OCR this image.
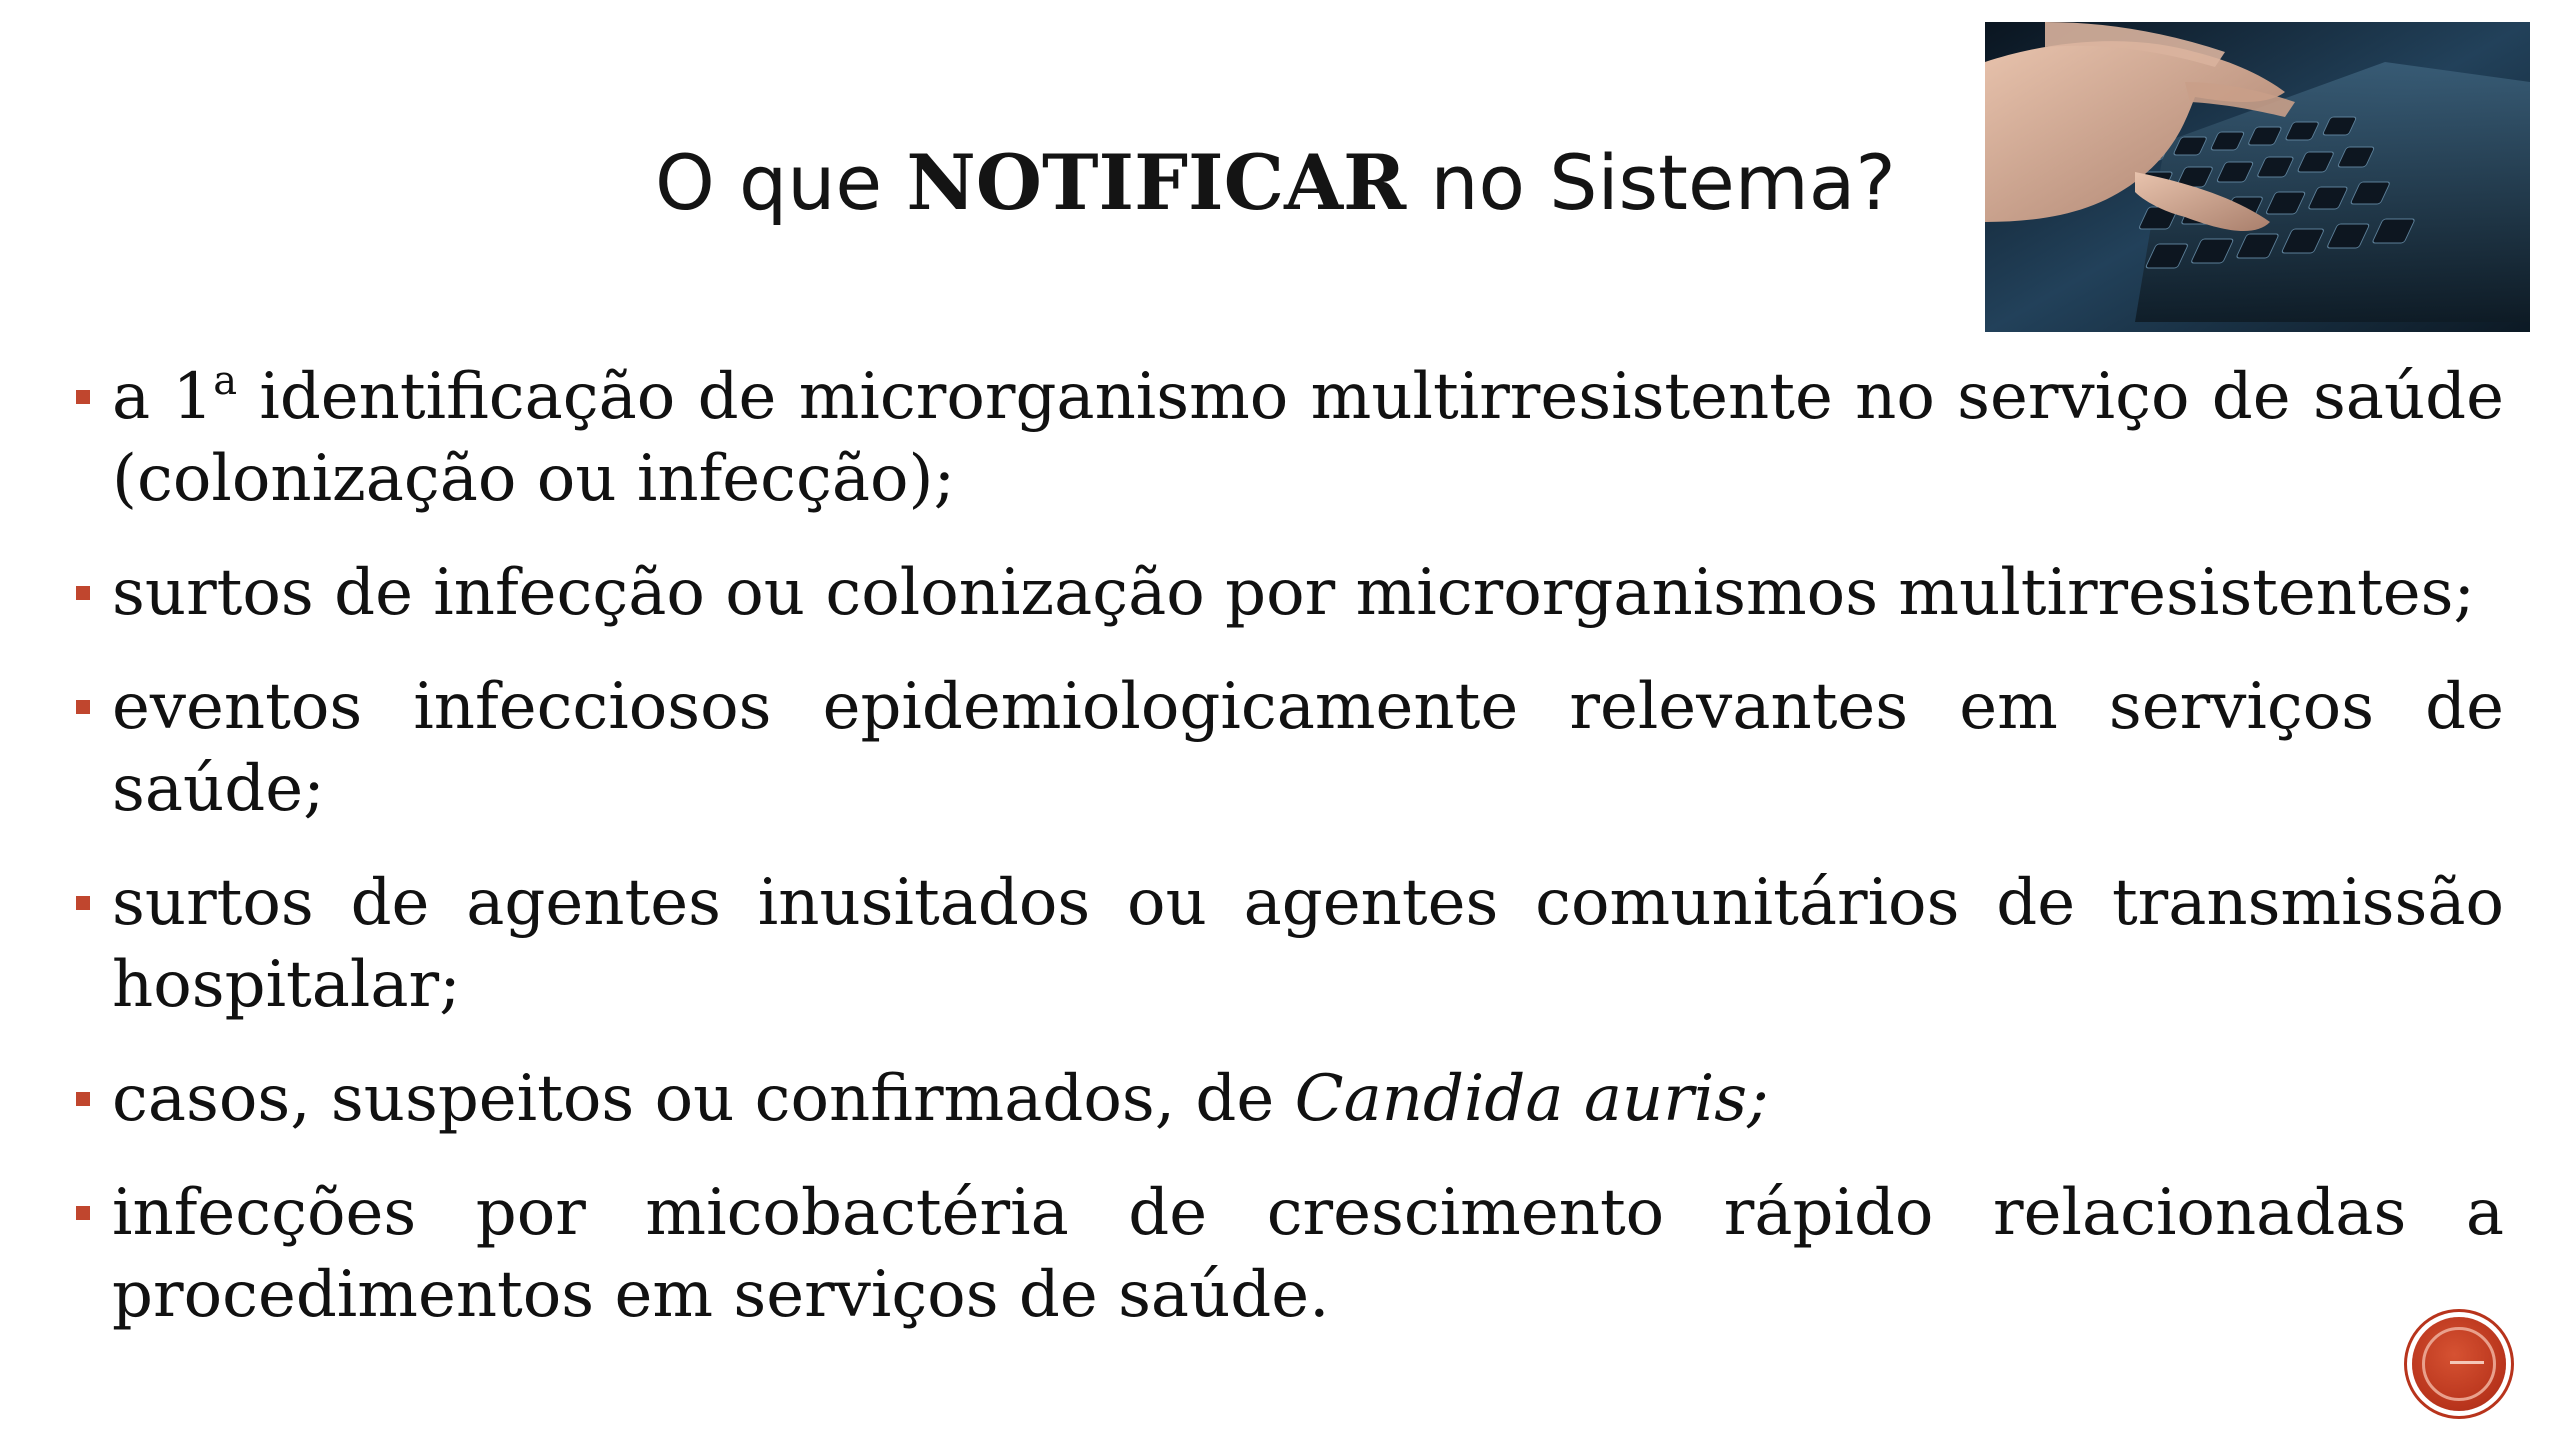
O que NOTIFICAR no Sistema?
a 1$^a$ identificação de microrganismo multirresistente no serviço de saúde (colonização ou infecção);
surtos de infecção ou colonização por microrganismos multirresistentes;
eventos infecciosos epidemiologicamente relevantes em serviços de saúde;
surtos de agentes inusitados ou agentes comunitários de transmissão hospitalar;
casos, suspeitos ou confirmados, de Candida auris;
infecções por micobactéria de crescimento rápido relacionadas a procedimentos em serviços de saúde.
